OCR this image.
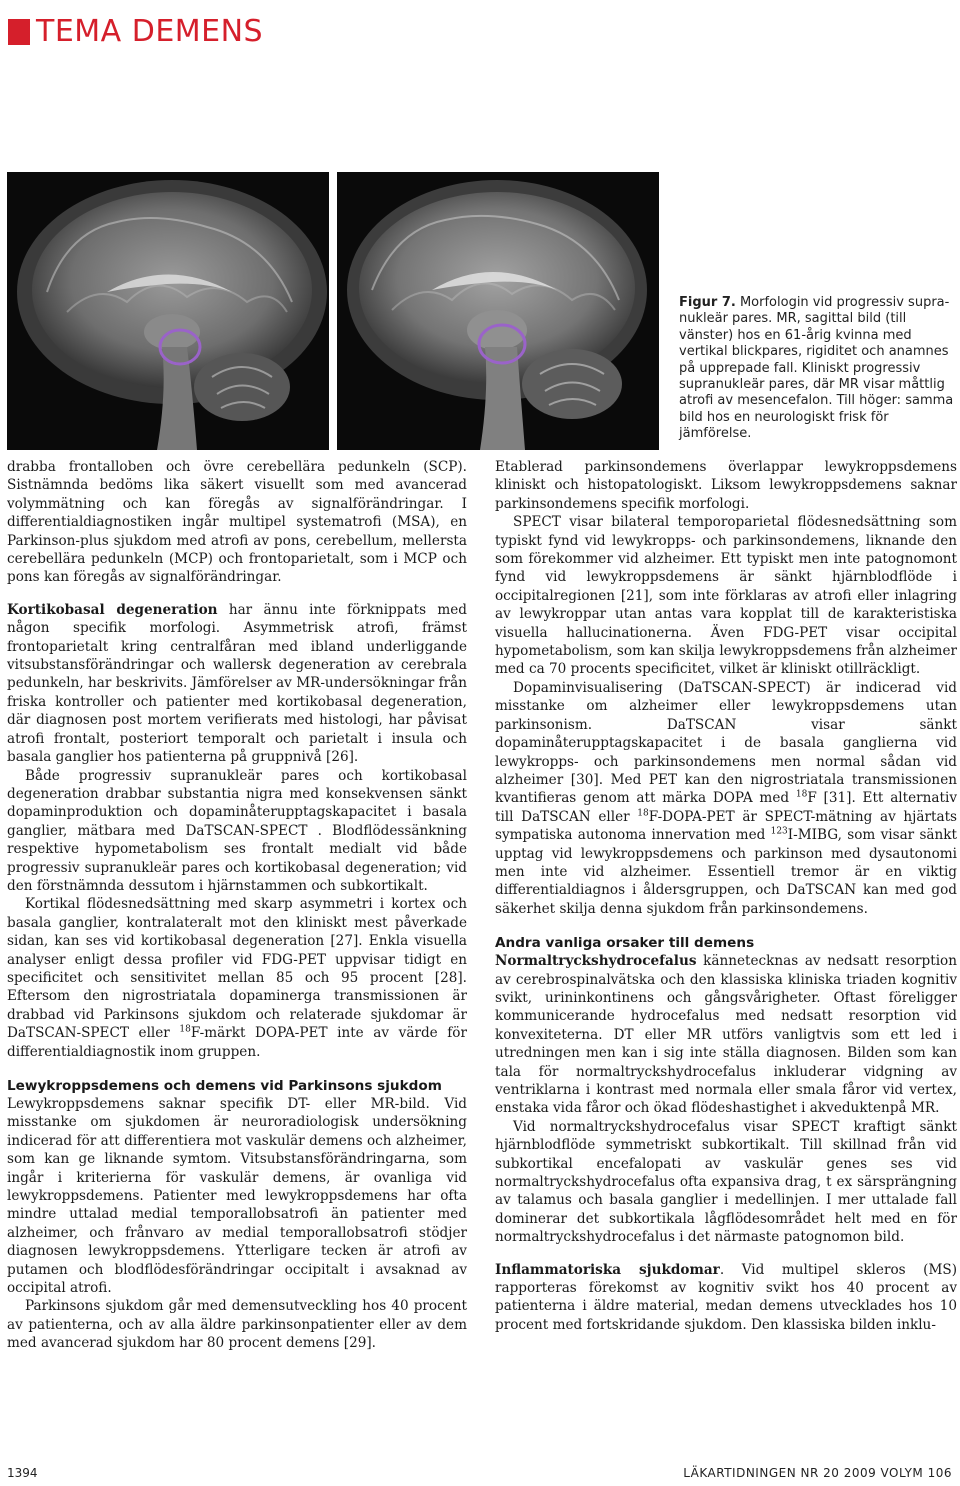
TEMA DEMENS
Figur 7. Morfologin vid progressiv supranukleär pares. MR, sagittal bild (till vänster) hos en 61-årig kvinna med vertikal blickpares, rigiditet och anamnes på upprepade fall. Kliniskt progressiv supranukleär pares, där MR visar måttlig atrofi av mesencefalon. Till höger: samma bild hos en neurologiskt frisk för jämförelse.

drabba frontalloben och övre cerebellära pedunkeln (SCP). Sistnämnda bedöms lika säkert visuellt som med avancerad volymmätning och kan föregås av signalförändringar. I differentialdiagnostiken ingår multipel systematrofi (MSA), en Parkinson-plus sjukdom med atrofi av pons, cerebellum, mellersta cerebellära pedunkeln (MCP) och frontoparietalt, som i MCP och pons kan föregås av signalförändringar.

Kortikobasal degeneration har ännu inte förknippats med någon specifik morfologi. Asymmetrisk atrofi, främst frontoparietalt kring centralfåran med ibland underliggande vitsubstansförändringar och wallersk degeneration av cerebrala pedunkeln, har beskrivits. Jämförelser av MR-undersökningar från friska kontroller och patienter med kortikobasal degeneration, där diagnosen post mortem verifierats med histologi, har påvisat atrofi frontalt, posteriort temporalt och parietalt i insula och basala ganglier hos patienterna på gruppnivå [26].

Både progressiv supranukleär pares och kortikobasal degeneration drabbar substantia nigra med konsekvensen sänkt dopaminproduktion och dopaminåterupptagskapacitet i basala ganglier, mätbara med DaTSCAN-SPECT . Blodflödessänkning respektive hypometabolism ses frontalt medialt vid både progressiv supranukleär pares och kortikobasal degeneration; vid den förstnämnda dessutom i hjärnstammen och subkortikalt.

Kortikal flödesnedsättning med skarp asymmetri i kortex och basala ganglier, kontralateralt mot den kliniskt mest påverkade sidan, kan ses vid kortikobasal degeneration [27]. Enkla visuella analyser enligt dessa profiler vid FDG-PET uppvisar tidigt en specificitet och sensitivitet mellan 85 och 95 procent [28]. Eftersom den nigrostriatala dopaminerga transmissionen är drabbad vid Parkinsons sjukdom och relaterade sjukdomar är DaTSCAN-SPECT eller $^{18}$F-märkt DOPA-PET inte av värde för differentialdiagnostik inom gruppen.

Lewykroppsdemens och demens vid Parkinsons sjukdom

Lewykroppsdemens saknar specifik DT- eller MR-bild. Vid misstanke om sjukdomen är neuroradiologisk undersökning indicerad för att differentiera mot vaskulär demens och alzheimer, som kan ge liknande symtom. Vitsubstansförändringarna, som ingår i kriterierna för vaskulär demens, är ovanliga vid lewykroppsdemens. Patienter med lewykroppsdemens har ofta mindre uttalad medial temporallobsatrofi än patienter med alzheimer, och frånvaro av medial temporallobsatrofi stödjer diagnosen lewykroppsdemens. Ytterligare tecken är atrofi av putamen och blodflödesförändringar occipitalt i avsaknad av occipital atrofi.

Parkinsons sjukdom går med demensutveckling hos 40 procent av patienterna, och av alla äldre parkinsonpatienter eller av dem med avancerad sjukdom har 80 procent demens [29].

Etablerad parkinsondemens överlappar lewykroppsdemens kliniskt och histopatologiskt. Liksom lewykroppsdemens saknar parkinsondemens specifik morfologi.

SPECT visar bilateral temporoparietal flödesnedsättning som typiskt fynd vid lewykropps- och parkinsondemens, liknande den som förekommer vid alzheimer. Ett typiskt men inte patognomont fynd vid lewykroppsdemens är sänkt hjärnblodflöde i occipitalregionen [21], som inte förklaras av atrofi eller inlagring av lewykroppar utan antas vara kopplat till de karakteristiska visuella hallucinationerna. Även FDG-PET visar occipital hypometabolism, som kan skilja lewykroppsdemens från alzheimer med ca 70 procents specificitet, vilket är kliniskt otillräckligt.

Dopaminvisualisering (DaTSCAN-SPECT) är indicerad vid misstanke om alzheimer eller lewykroppsdemens utan parkinsonism. DaTSCAN visar sänkt dopaminåterupptagskapacitet i de basala ganglierna vid lewykropps- och parkinsondemens men normal sådan vid alzheimer [30]. Med PET kan den nigrostriatala transmissionen kvantifieras genom att märka DOPA med $^{18}$F [31]. Ett alternativ till DaTSCAN eller $^{18}$F-DOPA-PET är SPECT-mätning av hjärtats sympatiska autonoma innervation med $^{123}$I-MIBG, som visar sänkt upptag vid lewykroppsdemens och parkinson med dysautonomi men inte vid alzheimer. Essentiell tremor är en viktig differentialdiagnos i åldersgruppen, och DaTSCAN kan med god säkerhet skilja denna sjukdom från parkinsondemens.

Andra vanliga orsaker till demens

Normaltryckshydrocefalus kännetecknas av nedsatt resorption av cerebrospinalvätska och den klassiska kliniska triaden kognitiv svikt, urininkontinens och gångsvårigheter. Oftast föreligger kommunicerande hydrocefalus med nedsatt resorption vid konvexiteterna. DT eller MR utförs vanligtvis som ett led i utredningen men kan i sig inte ställa diagnosen. Bilden som kan tala för normaltryckshydrocefalus inkluderar vidgning av ventriklarna i kontrast med normala eller smala fåror vid vertex, enstaka vida fåror och ökad flödeshastighet i akveduktenpå MR.

Vid normaltryckshydrocefalus visar SPECT kraftigt sänkt hjärnblodflöde symmetriskt subkortikalt. Till skillnad från vid subkortikal encefalopati av vaskulär genes ses vid normaltryckshydrocefalus ofta expansiva drag, t ex särsprängning av talamus och basala ganglier i medellinjen. I mer uttalade fall dominerar det subkortikala lågflödesområdet helt med en för normaltryckshydrocefalus i det närmaste patognomon bild.

Inflammatoriska sjukdomar. Vid multipel skleros (MS) rapporteras förekomst av kognitiv svikt hos 40 procent av patienterna i äldre material, medan demens utvecklades hos 10 procent med fortskridande sjukdom. Den klassiska bilden inklu-

1394	LÄKARTIDNINGEN NR 20 2009 VOLYM 106
